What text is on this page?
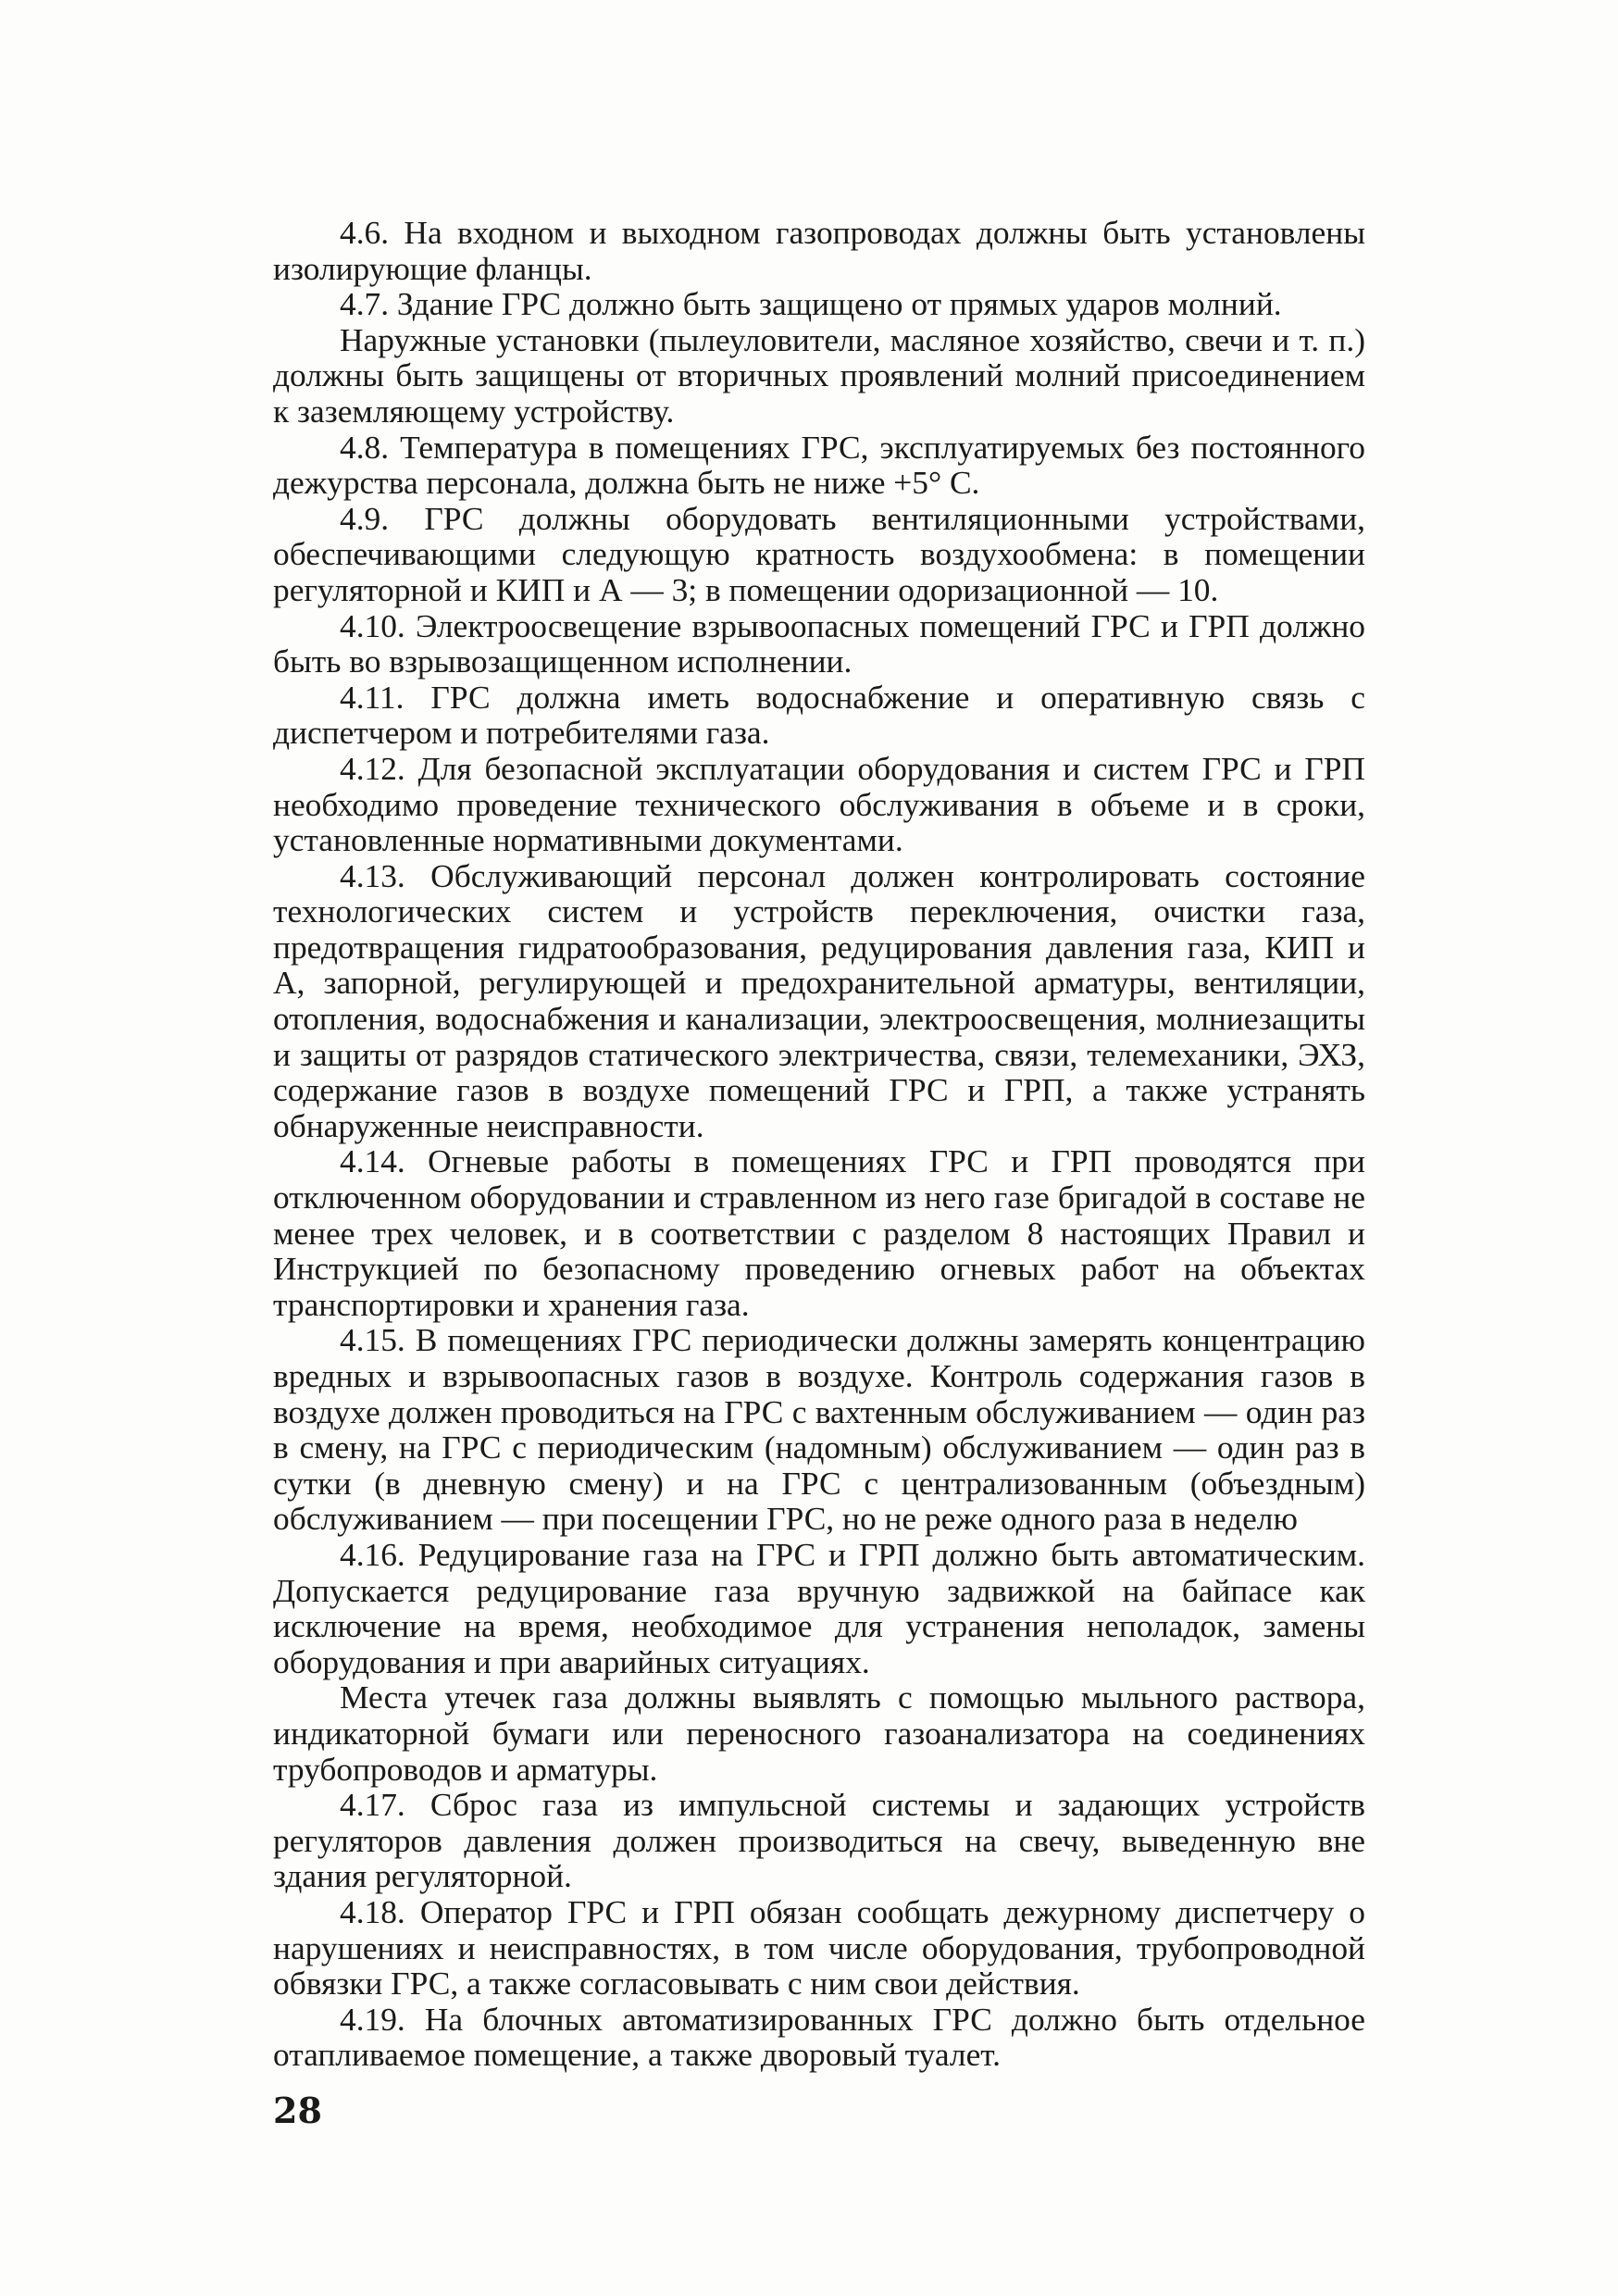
4.6. На входном и выходном газопроводах должны быть установлены изолирующие фланцы.

4.7. Здание ГРС должно быть защищено от прямых ударов молний.

Наружные установки (пылеуловители, масляное хозяйство, свечи и т. п.) должны быть защищены от вторичных проявлений молний присоединением к заземляющему устройству.

4.8. Температура в помещениях ГРС, эксплуатируемых без постоянного дежурства персонала, должна быть не ниже +5° С.

4.9. ГРС должны оборудовать вентиляционными устройствами, обеспечивающими следующую кратность воздухообмена: в помещении регуляторной и КИП и А — 3; в помещении одоризационной — 10.

4.10. Электроосвещение взрывоопасных помещений ГРС и ГРП должно быть во взрывозащищенном исполнении.

4.11. ГРС должна иметь водоснабжение и оперативную связь с диспетчером и потребителями газа.

4.12. Для безопасной эксплуатации оборудования и систем ГРС и ГРП необходимо проведение технического обслуживания в объеме и в сроки, установленные нормативными документами.

4.13. Обслуживающий персонал должен контролировать состояние технологических систем и устройств переключения, очистки газа, предотвращения гидратообразования, редуцирования давления газа, КИП и А, запорной, регулирующей и предохранительной арматуры, вентиляции, отопления, водоснабжения и канализации, электроосвещения, молниезащиты и защиты от разрядов статического электричества, связи, телемеханики, ЭХЗ, содержание газов в воздухе помещений ГРС и ГРП, а также устранять обнаруженные неисправности.

4.14. Огневые работы в помещениях ГРС и ГРП проводятся при отключенном оборудовании и стравленном из него газе бригадой в составе не менее трех человек, и в соответствии с разделом 8 настоящих Правил и Инструкцией по безопасному проведению огневых работ на объектах транспортировки и хранения газа.

4.15. В помещениях ГРС периодически должны замерять концентрацию вредных и взрывоопасных газов в воздухе. Контроль содержания газов в воздухе должен проводиться на ГРС с вахтенным обслуживанием — один раз в смену, на ГРС с периодическим (надомным) обслуживанием — один раз в сутки (в дневную смену) и на ГРС с централизованным (объездным) обслуживанием — при посещении ГРС, но не реже одного раза в неделю

4.16. Редуцирование газа на ГРС и ГРП должно быть автоматическим. Допускается редуцирование газа вручную задвижкой на байпасе как исключение на время, необходимое для устранения неполадок, замены оборудования и при аварийных ситуациях.

Места утечек газа должны выявлять с помощью мыльного раствора, индикаторной бумаги или переносного газоанализатора на соединениях трубопроводов и арматуры.

4.17. Сброс газа из импульсной системы и задающих устройств регуляторов давления должен производиться на свечу, выведенную вне здания регуляторной.

4.18. Оператор ГРС и ГРП обязан сообщать дежурному диспетчеру о нарушениях и неисправностях, в том числе оборудования, трубопроводной обвязки ГРС, а также согласовывать с ним свои действия.

4.19. На блочных автоматизированных ГРС должно быть отдельное отапливаемое помещение, а также дворовый туалет.

28
